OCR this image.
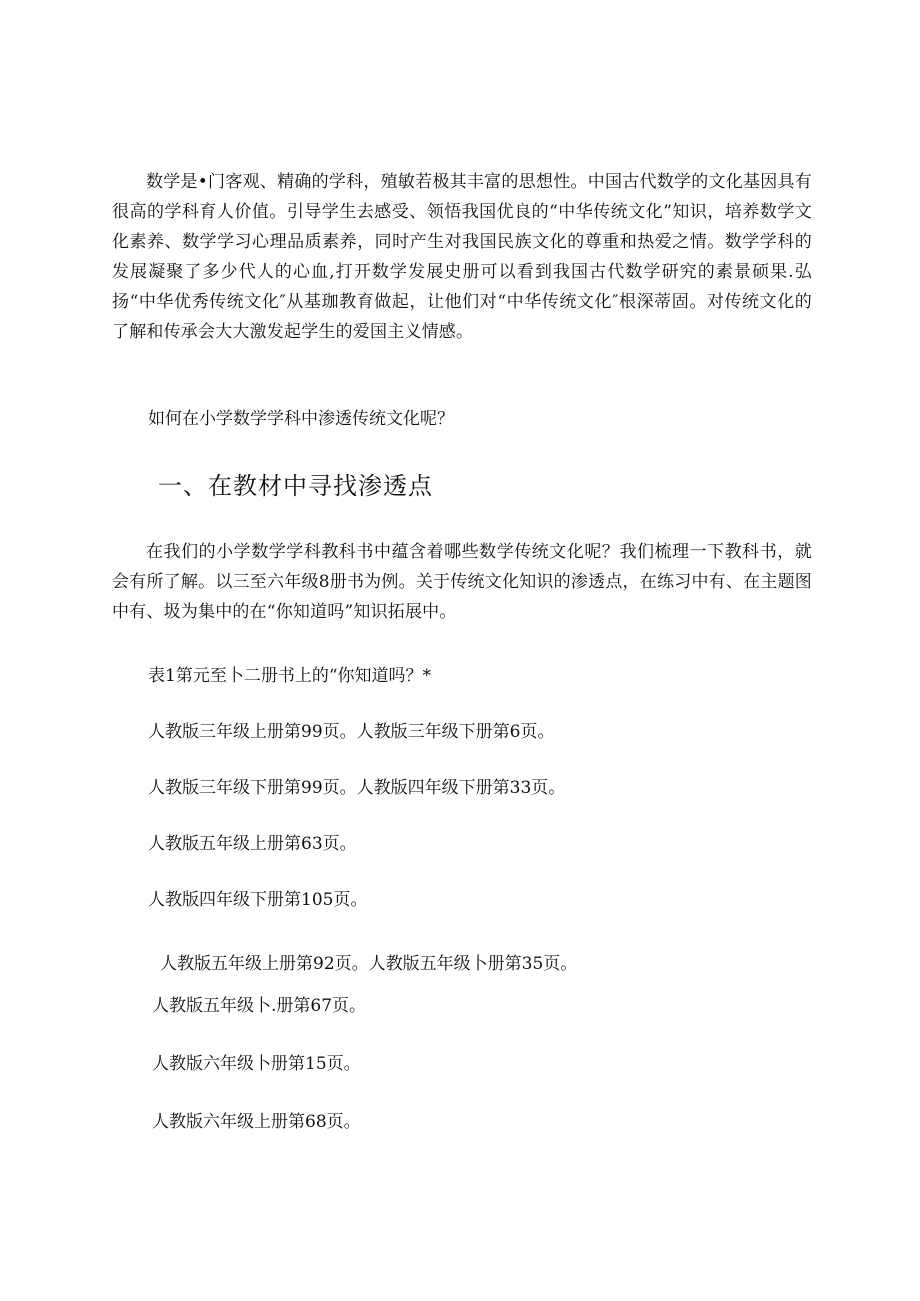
数学是•门客观、精确的学科，殖敏若极其丰富的思想性。中国古代数学的文化基因具有很高的学科育人价值。引导学生去感受、领悟我国优良的“中华传统文化”知识，培养数学文化素养、数学学习心理品质素养，同时产生对我国民族文化的尊重和热爱之情。数学学科的发展凝聚了多少代人的心血,打开数学发展史册可以看到我国古代数学研究的素景硕果.弘扬“中华优秀传统文化″从基珈教育做起，让他们对“中华传统文化″根深蒂固。对传统文化的了解和传承会大大激发起学生的爱国主义情感。

如何在小学数学学科中渗透传统文化呢？

一、在教材中寻找渗透点

在我们的小学数学学科教科书中蕴含着哪些数学传统文化呢？我们梳理一下教科书，就会有所了解。以三至六年级8册书为例。关于传统文化知识的渗透点，在练习中有、在主题图中有、圾为集中的在“你知道吗”知识拓展中。

表1第元至卜二册书上的“你知道吗？*

人教版三年级上册第99页。人教版三年级下册第6页。

人教版三年级下册第99页。人教版四年级下册第33页。

人教版五年级上册第63页。

人教版四年级下册第105页。

人教版五年级上册第92页。人教版五年级卜册第35页。

人教版五年级卜.册第67页。

人教版六年级卜册第15页。

人教版六年级上册第68页。
